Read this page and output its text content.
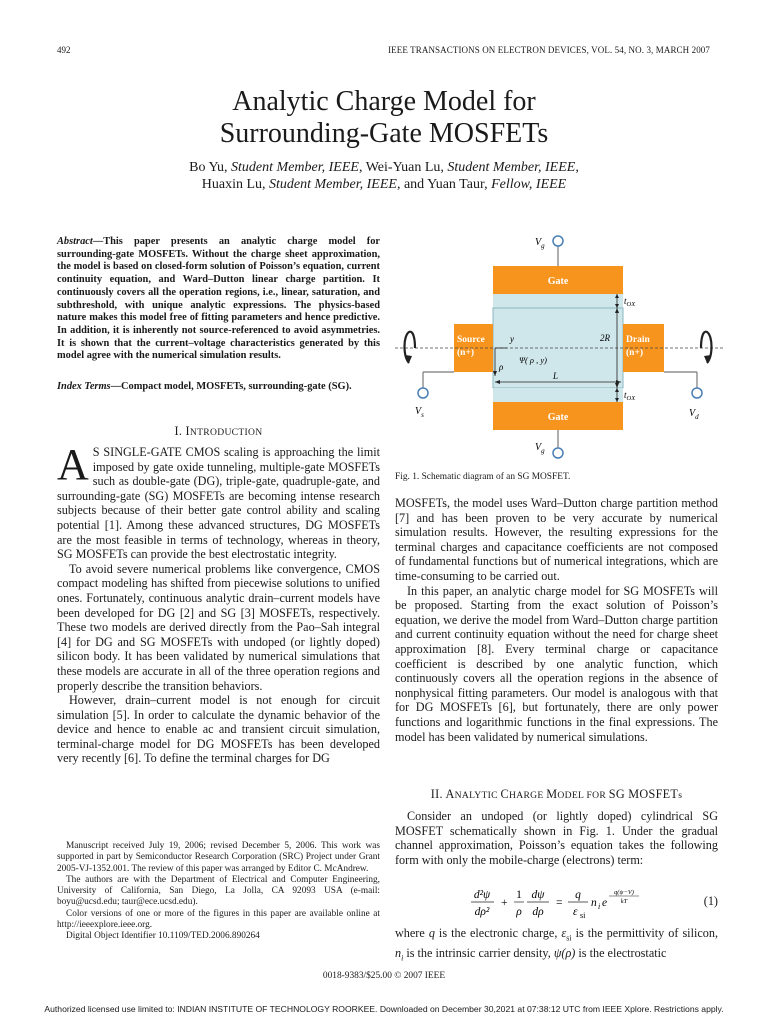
492	IEEE TRANSACTIONS ON ELECTRON DEVICES, VOL. 54, NO. 3, MARCH 2007
Analytic Charge Model for
Surrounding-Gate MOSFETs
Bo Yu, Student Member, IEEE, Wei-Yuan Lu, Student Member, IEEE,
Huaxin Lu, Student Member, IEEE, and Yuan Taur, Fellow, IEEE
Abstract—This paper presents an analytic charge model for surrounding-gate MOSFETs. Without the charge sheet approximation, the model is based on closed-form solution of Poisson’s equation, current continuity equation, and Ward–Dutton linear charge partition. It continuously covers all the operation regions, i.e., linear, saturation, and subthreshold, with unique analytic expressions. The physics-based nature makes this model free of fitting parameters and hence predictive. In addition, it is inherently not source-referenced to avoid asymmetries. It is shown that the current–voltage characteristics generated by this model agree with the numerical simulation results.
Index Terms—Compact model, MOSFETs, surrounding-gate (SG).
I. INTRODUCTION

A S SINGLE-GATE CMOS scaling is approaching the limit imposed by gate oxide tunneling, multiple-gate MOSFETs such as double-gate (DG), triple-gate, quadruple-gate, and surrounding-gate (SG) MOSFETs are becoming intense research subjects because of their better gate control ability and scaling potential [1]. Among these advanced structures, DG MOSFETs are the most feasible in terms of technology, whereas in theory, SG MOSFETs can provide the best electrostatic integrity.

To avoid severe numerical problems like convergence, CMOS compact modeling has shifted from piecewise solutions to unified ones. Fortunately, continuous analytic drain–current models have been developed for DG [2] and SG [3] MOSFETs, respectively. These two models are derived directly from the Pao–Sah integral [4] for DG and SG MOSFETs with undoped (or lightly doped) silicon body. It has been validated by numerical simulations that these models are accurate in all of the three operation regions and properly describe the transition behaviors.

However, drain–current model is not enough for circuit simulation [5]. In order to calculate the dynamic behavior of the device and hence to enable ac and transient circuit simulation, terminal-charge model for DG MOSFETs has been developed very recently [6]. To define the terminal charges for DG

Manuscript received July 19, 2006; revised December 5, 2006. This work was supported in part by Semiconductor Research Corporation (SRC) Project under Grant 2005-VJ-1352.001. The review of this paper was arranged by Editor C. McAndrew.

The authors are with the Department of Electrical and Computer Engineering, University of California, San Diego, La Jolla, CA 92093 USA (e-mail: boyu@ucsd.edu; taur@ece.ucsd.edu).

Color versions of one or more of the figures in this paper are available online at http://ieeexplore.ieee.org.

Digital Object Identifier 10.1109/TED.2006.890264

$V_g$
Gate
Gate
Source
(n+)
Drain
(n+)
$V_s$	$V_d$
$V_g$
$t_{OX}$
$t_{OX}$
2R
y
ρ
Ψ( ρ , y)
L
Fig. 1. Schematic diagram of an SG MOSFET.

MOSFETs, the model uses Ward–Dutton charge partition method [7] and has been proven to be very accurate by numerical simulation results. However, the resulting expressions for the terminal charges and capacitance coefficients are not composed of fundamental functions but of numerical integrations, which are time-consuming to be carried out.

In this paper, an analytic charge model for SG MOSFETs will be proposed. Starting from the exact solution of Poisson’s equation, we derive the model from Ward–Dutton charge partition and current continuity equation without the need for charge sheet approximation [8]. Every terminal charge or capacitance coefficient is described by one analytic function, which continuously covers all the operation regions in the absence of nonphysical fitting parameters. Our model is analogous with that for DG MOSFETs [6], but fortunately, there are only power functions and logarithmic functions in the final expressions. The model has been validated by numerical simulations.

II. ANALYTIC CHARGE MODEL FOR SG MOSFETs

Consider an undoped (or lightly doped) cylindrical SG MOSFET schematically shown in Fig. 1. Under the gradual channel approximation, Poisson’s equation takes the following form with only the mobile-charge (electrons) term:

d²ψ
dρ²
+
1
ρ
dψ
dρ
=
q
ε si
n i e
q(ψ−V)
kT	(1)

where q is the electronic charge, $\varepsilon_{si}$ is the permittivity of silicon, $n_i$ is the intrinsic carrier density, ψ(ρ) is the electrostatic

0018-9383/$25.00 © 2007 IEEE
Authorized licensed use limited to: INDIAN INSTITUTE OF TECHNOLOGY ROORKEE. Downloaded on December 30,2021 at 07:38:12 UTC from IEEE Xplore. Restrictions apply.
